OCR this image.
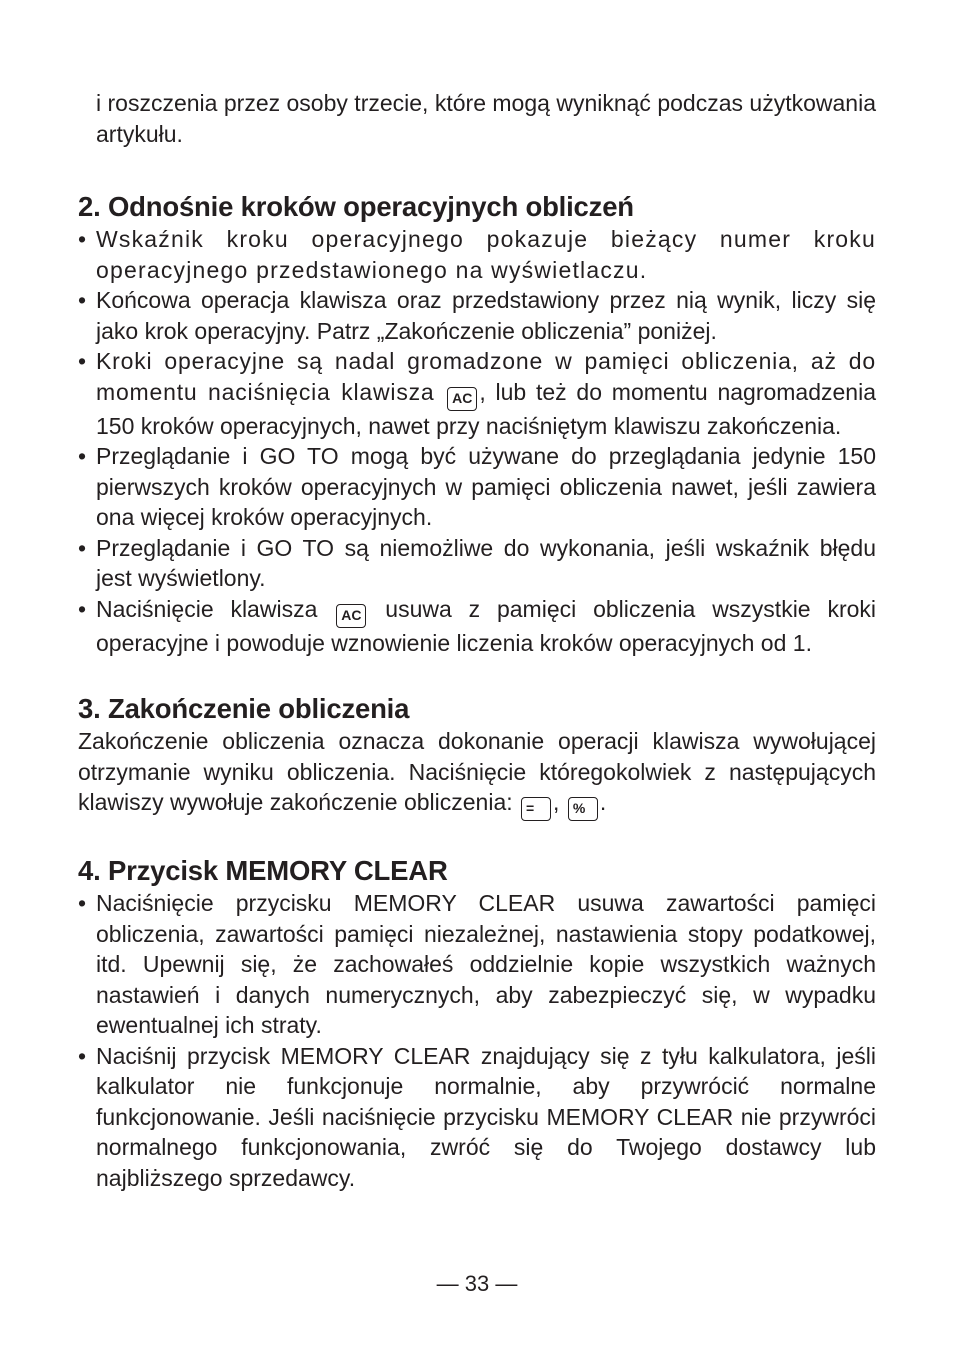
i roszczenia przez osoby trzecie, które mogą wyniknąć podczas użytkowania artykułu.

2. Odnośnie kroków operacyjnych obliczeń
• Wskaźnik kroku operacyjnego pokazuje bieżący numer kroku operacyjnego przedstawionego na wyświetlaczu.
• Końcowa operacja klawisza oraz przedstawiony przez nią wynik, liczy się jako krok operacyjny. Patrz „Zakończenie obliczenia” poniżej.
• Kroki operacyjne są nadal gromadzone w pamięci obliczenia, aż do momentu naciśnięcia klawisza AC , lub też do momentu nagromadzenia 150 kroków operacyjnych, nawet przy naciśniętym klawiszu zakończenia.
• Przeglądanie i GO TO mogą być używane do przeglądania jedynie 150 pierwszych kroków operacyjnych w pamięci obliczenia nawet, jeśli zawiera ona więcej kroków operacyjnych.
• Przeglądanie i GO TO są niemożliwe do wykonania, jeśli wskaźnik błędu jest wyświetlony.
• Naciśnięcie klawisza AC usuwa z pamięci obliczenia wszystkie kroki operacyjne i powoduje wznowienie liczenia kroków operacyjnych od 1.
3. Zakończenie obliczenia

Zakończenie obliczenia oznacza dokonanie operacji klawisza wywołującej otrzymanie wyniku obliczenia. Naciśnięcie któregokolwiek z następujących klawiszy wywołuje zakończenie obliczenia: = , % .

4. Przycisk MEMORY CLEAR
• Naciśnięcie przycisku MEMORY CLEAR usuwa zawartości pamięci obliczenia, zawartości pamięci niezależnej, nastawienia stopy podatkowej, itd. Upewnij się, że zachowałeś oddzielnie kopie wszystkich ważnych nastawień i danych numerycznych, aby zabezpieczyć się, w wypadku ewentualnej ich straty.
• Naciśnij przycisk MEMORY CLEAR znajdujący się z tyłu kalkulatora, jeśli kalkulator nie funkcjonuje normalnie, aby przywrócić normalne funkcjonowanie. Jeśli naciśnięcie przycisku MEMORY CLEAR nie przywróci normalnego funkcjonowania, zwróć się do Twojego dostawcy lub najbliższego sprzedawcy.
— 33 —
